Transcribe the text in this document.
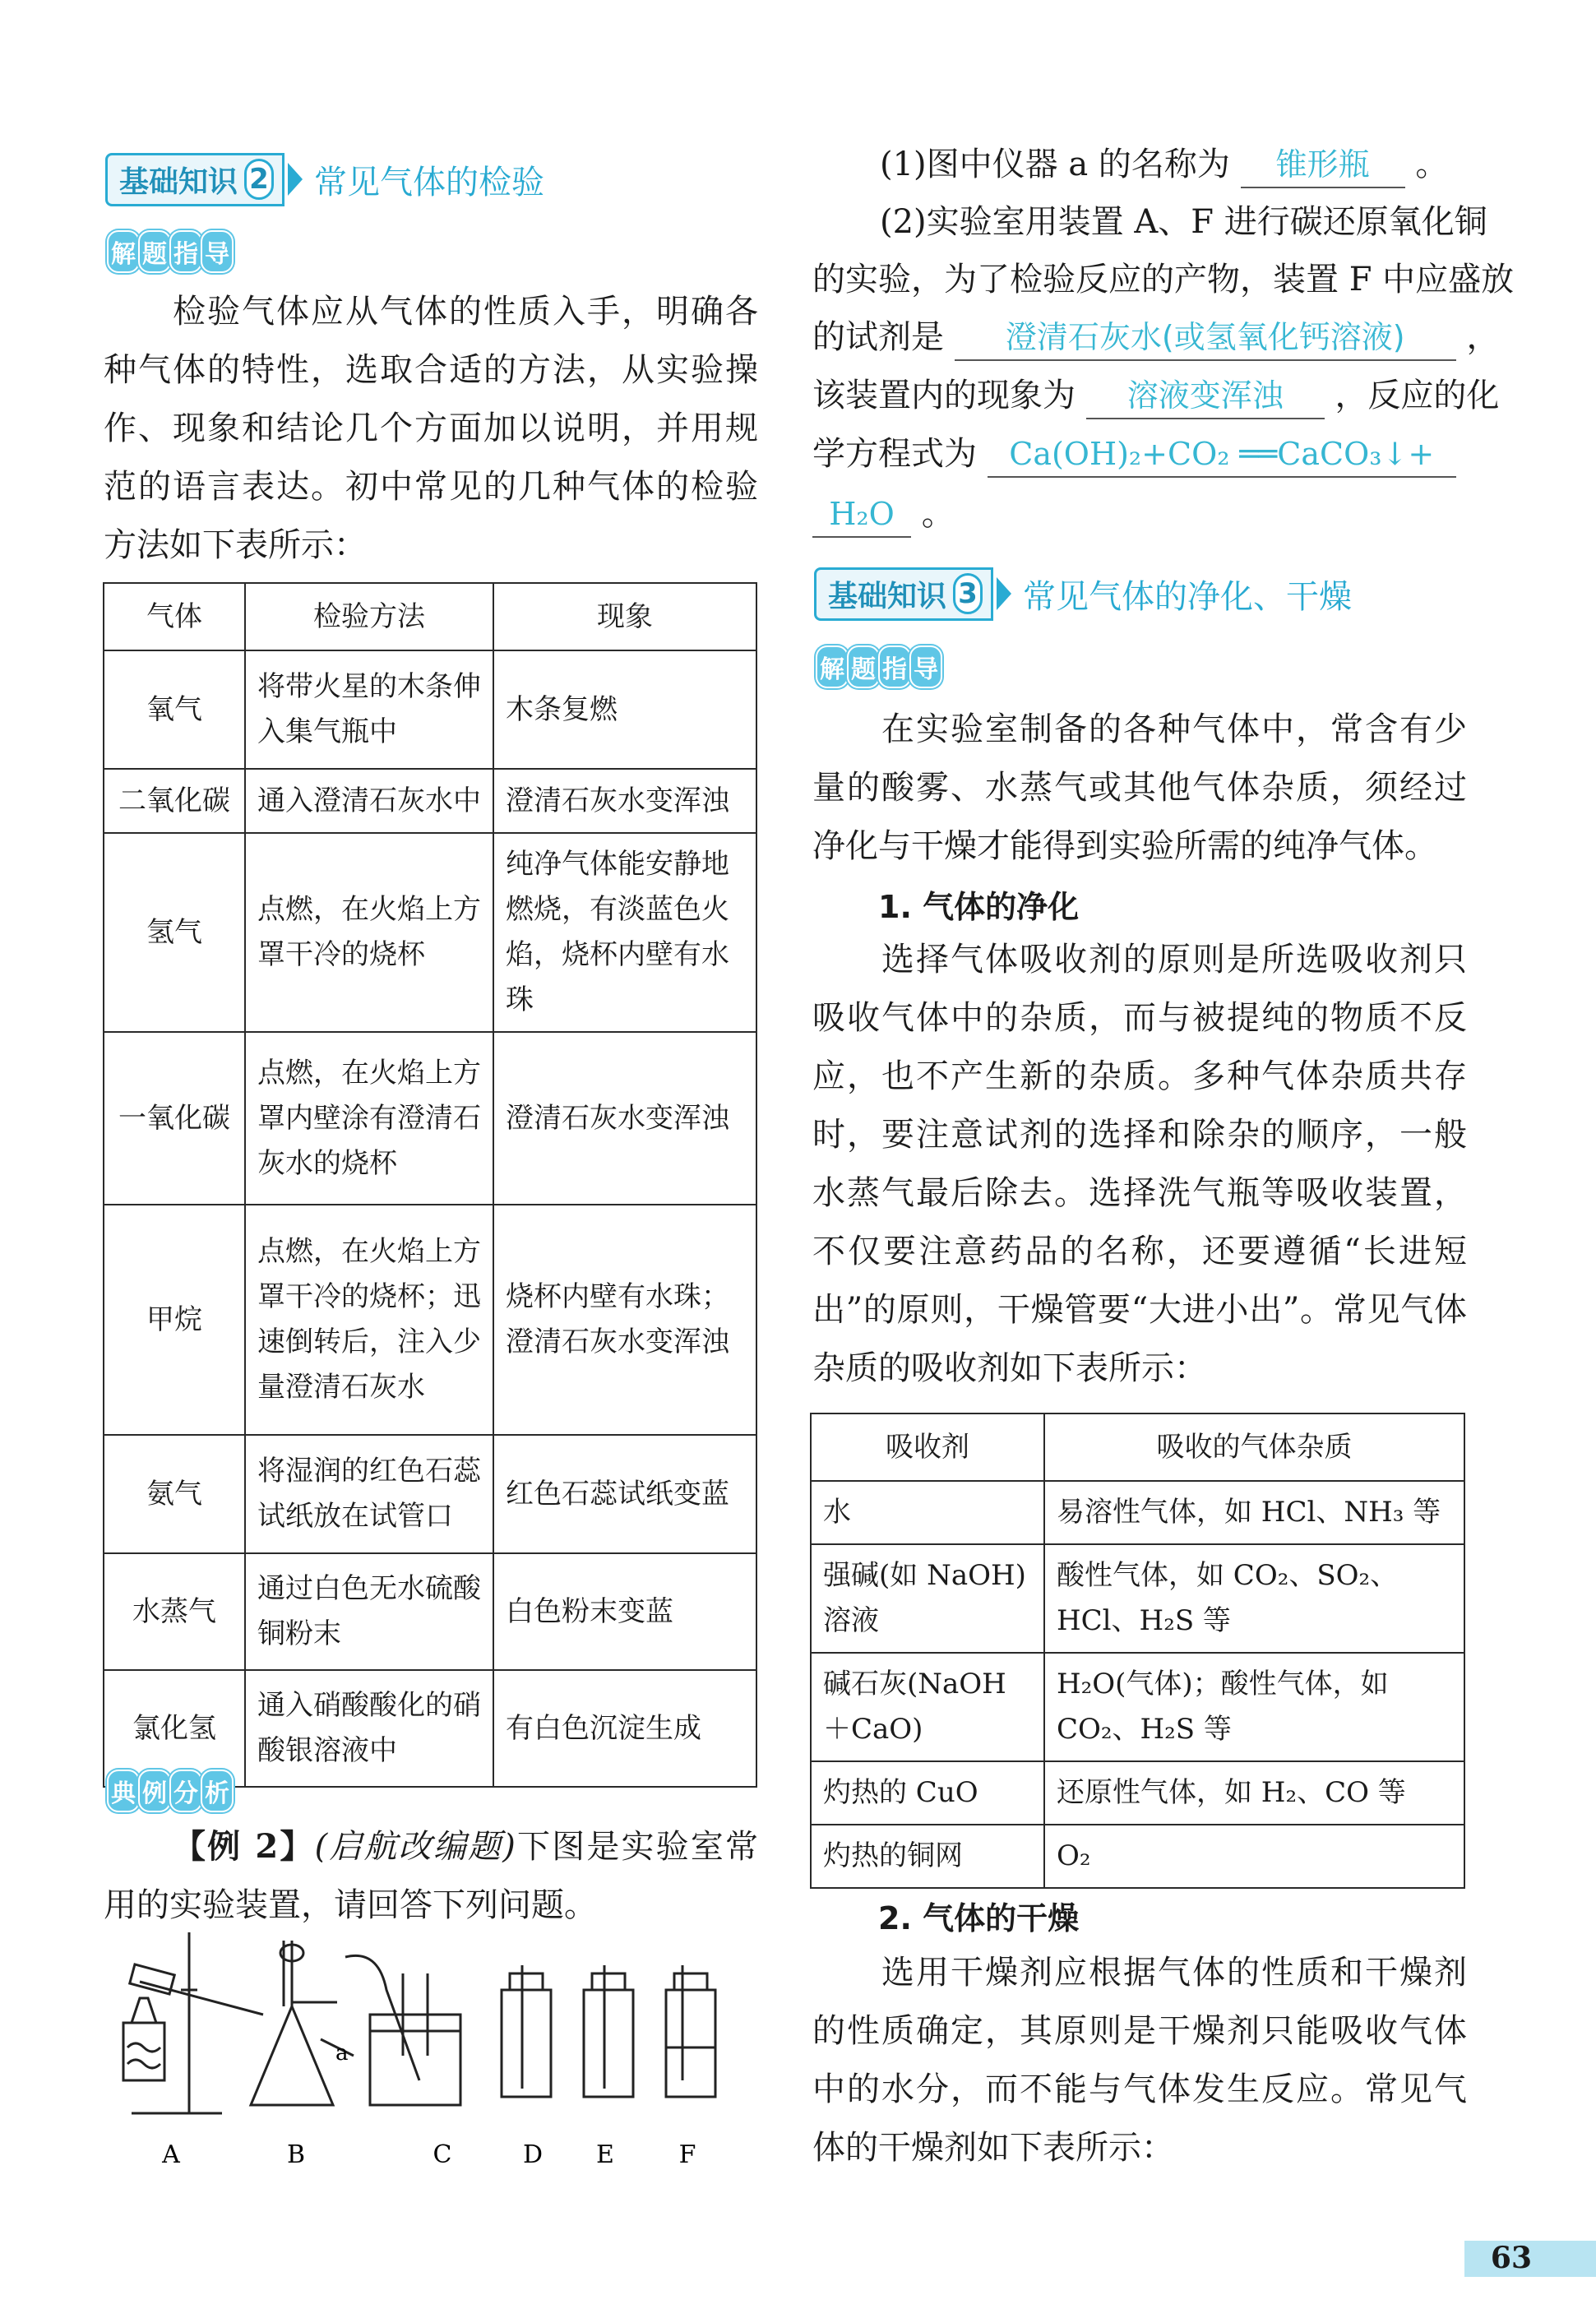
基础知识 2 常见气体的检验
解 题 指 导

检验气体应从气体的性质入手，明确各种气体的特性，选取合适的方法，从实验操作、现象和结论几个方面加以说明，并用规范的语言表达。初中常见的几种气体的检验方法如下表所示：

气体	检验方法	现象
氧气	将带火星的木条伸入集气瓶中	木条复燃
二氧化碳	通入澄清石灰水中	澄清石灰水变浑浊
氢气	点燃，在火焰上方罩干冷的烧杯	纯净气体能安静地燃烧，有淡蓝色火焰，烧杯内壁有水珠
一氧化碳	点燃，在火焰上方罩内壁涂有澄清石灰水的烧杯	澄清石灰水变浑浊
甲烷	点燃，在火焰上方罩干冷的烧杯；迅速倒转后，注入少量澄清石灰水	烧杯内壁有水珠；澄清石灰水变浑浊
氨气	将湿润的红色石蕊试纸放在试管口	红色石蕊试纸变蓝
水蒸气	通过白色无水硫酸铜粉末	白色粉末变蓝
氯化氢	通入硝酸酸化的硝酸银溶液中	有白色沉淀生成
典 例 分 析

【例 2】(启航改编题)下图是实验室常用的实验装置，请回答下列问题。

a
A	B	C	D E	F
(1)图中仪器 a 的名称为 锥形瓶 。
(2)实验室用装置 A、F 进行碳还原氧化铜
的实验，为了检验反应的产物，装置 F 中应盛放
的试剂是 澄清石灰水(或氢氧化钙溶液) ，
该装置内的现象为 溶液变浑浊 ，反应的化
学方程式为 Ca(OH)₂+CO₂ ══CaCO₃↓+
H₂O 。
基础知识 3 常见气体的净化、干燥
解 题 指 导

在实验室制备的各种气体中，常含有少量的酸雾、水蒸气或其他气体杂质，须经过净化与干燥才能得到实验所需的纯净气体。

1. 气体的净化

选择气体吸收剂的原则是所选吸收剂只吸收气体中的杂质，而与被提纯的物质不反应，也不产生新的杂质。多种气体杂质共存时，要注意试剂的选择和除杂的顺序，一般水蒸气最后除去。选择洗气瓶等吸收装置，不仅要注意药品的名称，还要遵循“长进短出”的原则，干燥管要“大进小出”。常见气体杂质的吸收剂如下表所示：

吸收剂	吸收的气体杂质
水	易溶性气体，如 HCl、NH₃ 等
强碱(如 NaOH)溶液	酸性气体，如 CO₂、SO₂、HCl、H₂S 等
碱石灰(NaOH＋CaO)	H₂O(气体)；酸性气体，如 CO₂、H₂S 等
灼热的 CuO	还原性气体，如 H₂、CO 等
灼热的铜网	O₂
2. 气体的干燥

选用干燥剂应根据气体的性质和干燥剂的性质确定，其原则是干燥剂只能吸收气体中的水分，而不能与气体发生反应。常见气体的干燥剂如下表所示：

63
